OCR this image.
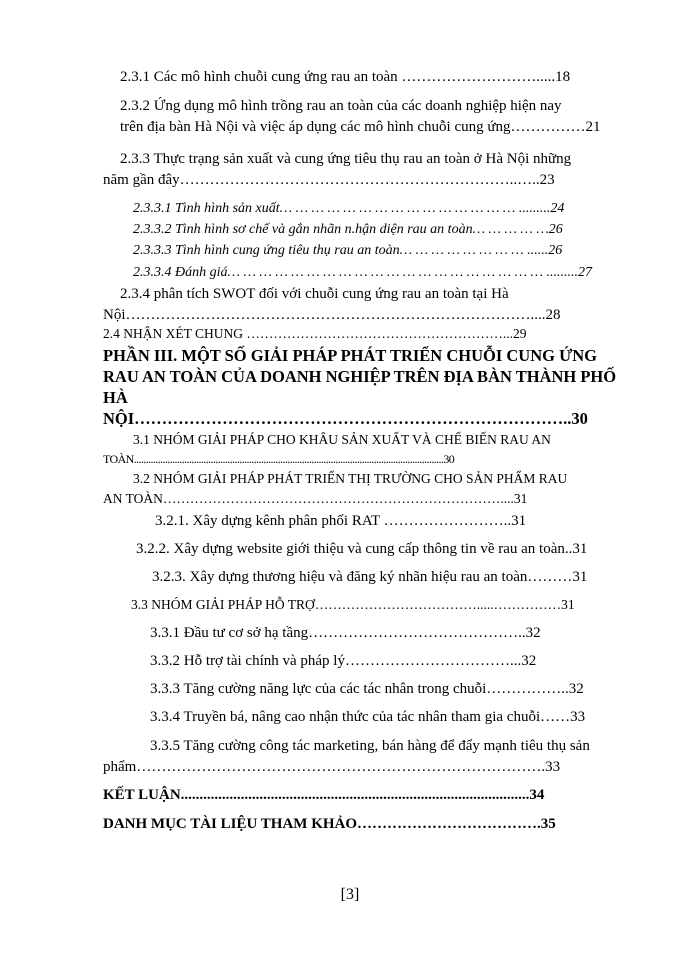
2.3.1 Các mô hình chuỗi cung ứng rau an toàn ……………………….....18
2.3.2 Ứng dụng mô hình trồng rau an toàn của các doanh nghiệp hiện nay
trên địa bàn Hà Nội và việc áp dụng các mô hình chuỗi cung ứng……………21
2.3.3 Thực trạng sản xuất và cung ứng tiêu thụ rau an toàn ở Hà Nội những
năm gần đây…………………………………………………………..…..23
2.3.3.1 Tình hình sản xuất… … … … … … … … … … … … … … … .........24
2.3.3.2 Tình hình sơ chế và gắn nhãn n.hận diện rau an toàn… … … … …26
2.3.3.3 Tình hình cung ứng tiêu thụ rau an toàn… … … … … … … … ......26
2.3.3.4 Đánh giá… … … … … … … … … … … … … … … … … … … … .........27
2.3.4 phân tích SWOT đối với chuỗi cung ứng rau an toàn tại Hà
Nội………………………………………………………………………....28
2.4 NHẬN XÉT CHUNG …………………………………………………...29
PHẦN III. MỘT SỐ GIẢI PHÁP PHÁT TRIỂN CHUỖI CUNG ỨNG
RAU AN TOÀN CỦA DOANH NGHIỆP TRÊN ĐỊA BÀN THÀNH PHỐ
HÀ
NỘI……………………………………………………………………..30
3.1 NHÓM GIẢI PHÁP CHO KHÂU SẢN XUẤT VÀ CHẾ BIẾN RAU AN
TOÀN.................................................................................................................................30
3.2 NHÓM GIẢI PHÁP PHÁT TRIỂN THỊ TRƯỜNG CHO SẢN PHẨM RAU
AN TOÀN…………………………………………………………………....31
3.2.1. Xây dựng kênh phân phối RAT ……………………..31
3.2.2. Xây dựng website giới thiệu và cung cấp thông tin về rau an toàn..31
3.2.3. Xây dựng thương hiệu và đăng ký nhãn hiệu rau an toàn………31
3.3 NHÓM GIẢI PHÁP HỖ TRỢ……………………………….....……………31
3.3.1 Đầu tư cơ sở hạ tầng……………………………………..32
3.3.2 Hỗ trợ tài chính và pháp lý……………………………...32
3.3.3 Tăng cường năng lực của các tác nhân trong chuỗi……………..32
3.3.4 Truyền bá, nâng cao nhận thức của tác nhân tham gia chuỗi……33
3.3.5 Tăng cường công tác marketing, bán hàng để đẩy mạnh tiêu thụ sản
phẩm……………………………………………………………………….33
KẾT LUẬN.............................................................................................34
DANH MỤC TÀI LIỆU THAM KHẢO……………………………….35
[3]
